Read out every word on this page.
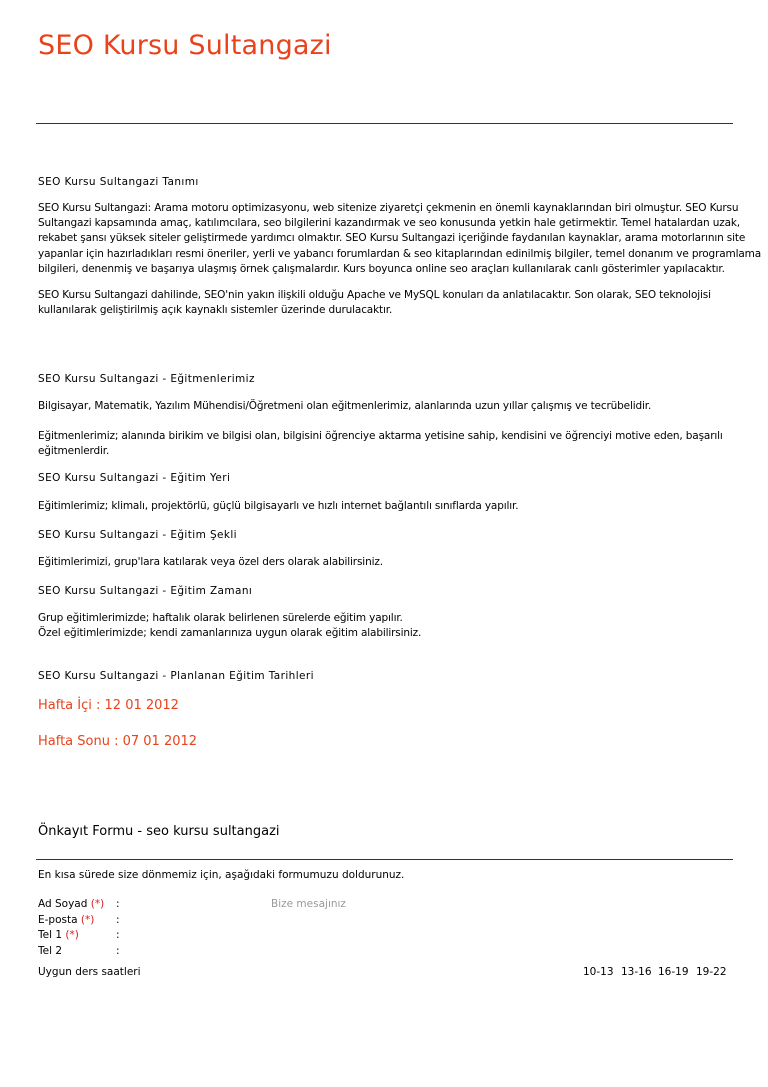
SEO Kursu Sultangazi
SEO Kursu Sultangazi Tanımı
SEO Kursu Sultangazi: Arama motoru optimizasyonu, web sitenize ziyaretçi çekmenin en önemli kaynaklarından biri olmuştur. SEO Kursu
Sultangazi kapsamında amaç, katılımcılara, seo bilgilerini kazandırmak ve seo konusunda yetkin hale getirmektir. Temel hatalardan uzak,
rekabet şansı yüksek siteler geliştirmede yardımcı olmaktır. SEO Kursu Sultangazi içeriğinde faydanılan kaynaklar, arama motorlarının site
yapanlar için hazırladıkları resmi öneriler, yerli ve yabancı forumlardan & seo kitaplarından edinilmiş bilgiler, temel donanım ve programlama
bilgileri, denenmiş ve başarıya ulaşmış örnek çalışmalardır. Kurs boyunca online seo araçları kullanılarak canlı gösterimler yapılacaktır.
SEO Kursu Sultangazi dahilinde, SEO'nin yakın ilişkili olduğu Apache ve MySQL konuları da anlatılacaktır. Son olarak, SEO teknolojisi
kullanılarak geliştirilmiş açık kaynaklı sistemler üzerinde durulacaktır.
SEO Kursu Sultangazi - Eğitmenlerimiz
Bilgisayar, Matematik, Yazılım Mühendisi/Öğretmeni olan eğitmenlerimiz, alanlarında uzun yıllar çalışmış ve tecrübelidir.
Eğitmenlerimiz; alanında birikim ve bilgisi olan, bilgisini öğrenciye aktarma yetisine sahip, kendisini ve öğrenciyi motive eden, başarılı
eğitmenlerdir.
SEO Kursu Sultangazi - Eğitim Yeri
Eğitimlerimiz; klimalı, projektörlü, güçlü bilgisayarlı ve hızlı internet bağlantılı sınıflarda yapılır.
SEO Kursu Sultangazi - Eğitim Şekli
Eğitimlerimizi, grup'lara katılarak veya özel ders olarak alabilirsiniz.
SEO Kursu Sultangazi - Eğitim Zamanı
Grup eğitimlerimizde; haftalık olarak belirlenen sürelerde eğitim yapılır.
Özel eğitimlerimizde; kendi zamanlarınıza uygun olarak eğitim alabilirsiniz.
SEO Kursu Sultangazi - Planlanan Eğitim Tarihleri
Hafta İçi : 12 01 2012
Hafta Sonu : 07 01 2012
Önkayıt Formu - seo kursu sultangazi
En kısa sürede size dönmemiz için, aşağıdaki formumuzu doldurunuz.
Ad Soyad (*) :
E-posta (*) :
Tel 1 (*)	:
Tel 2	:
Bize mesajınız
Uygun ders saatleri	10-13 13-16 16-19 19-22
